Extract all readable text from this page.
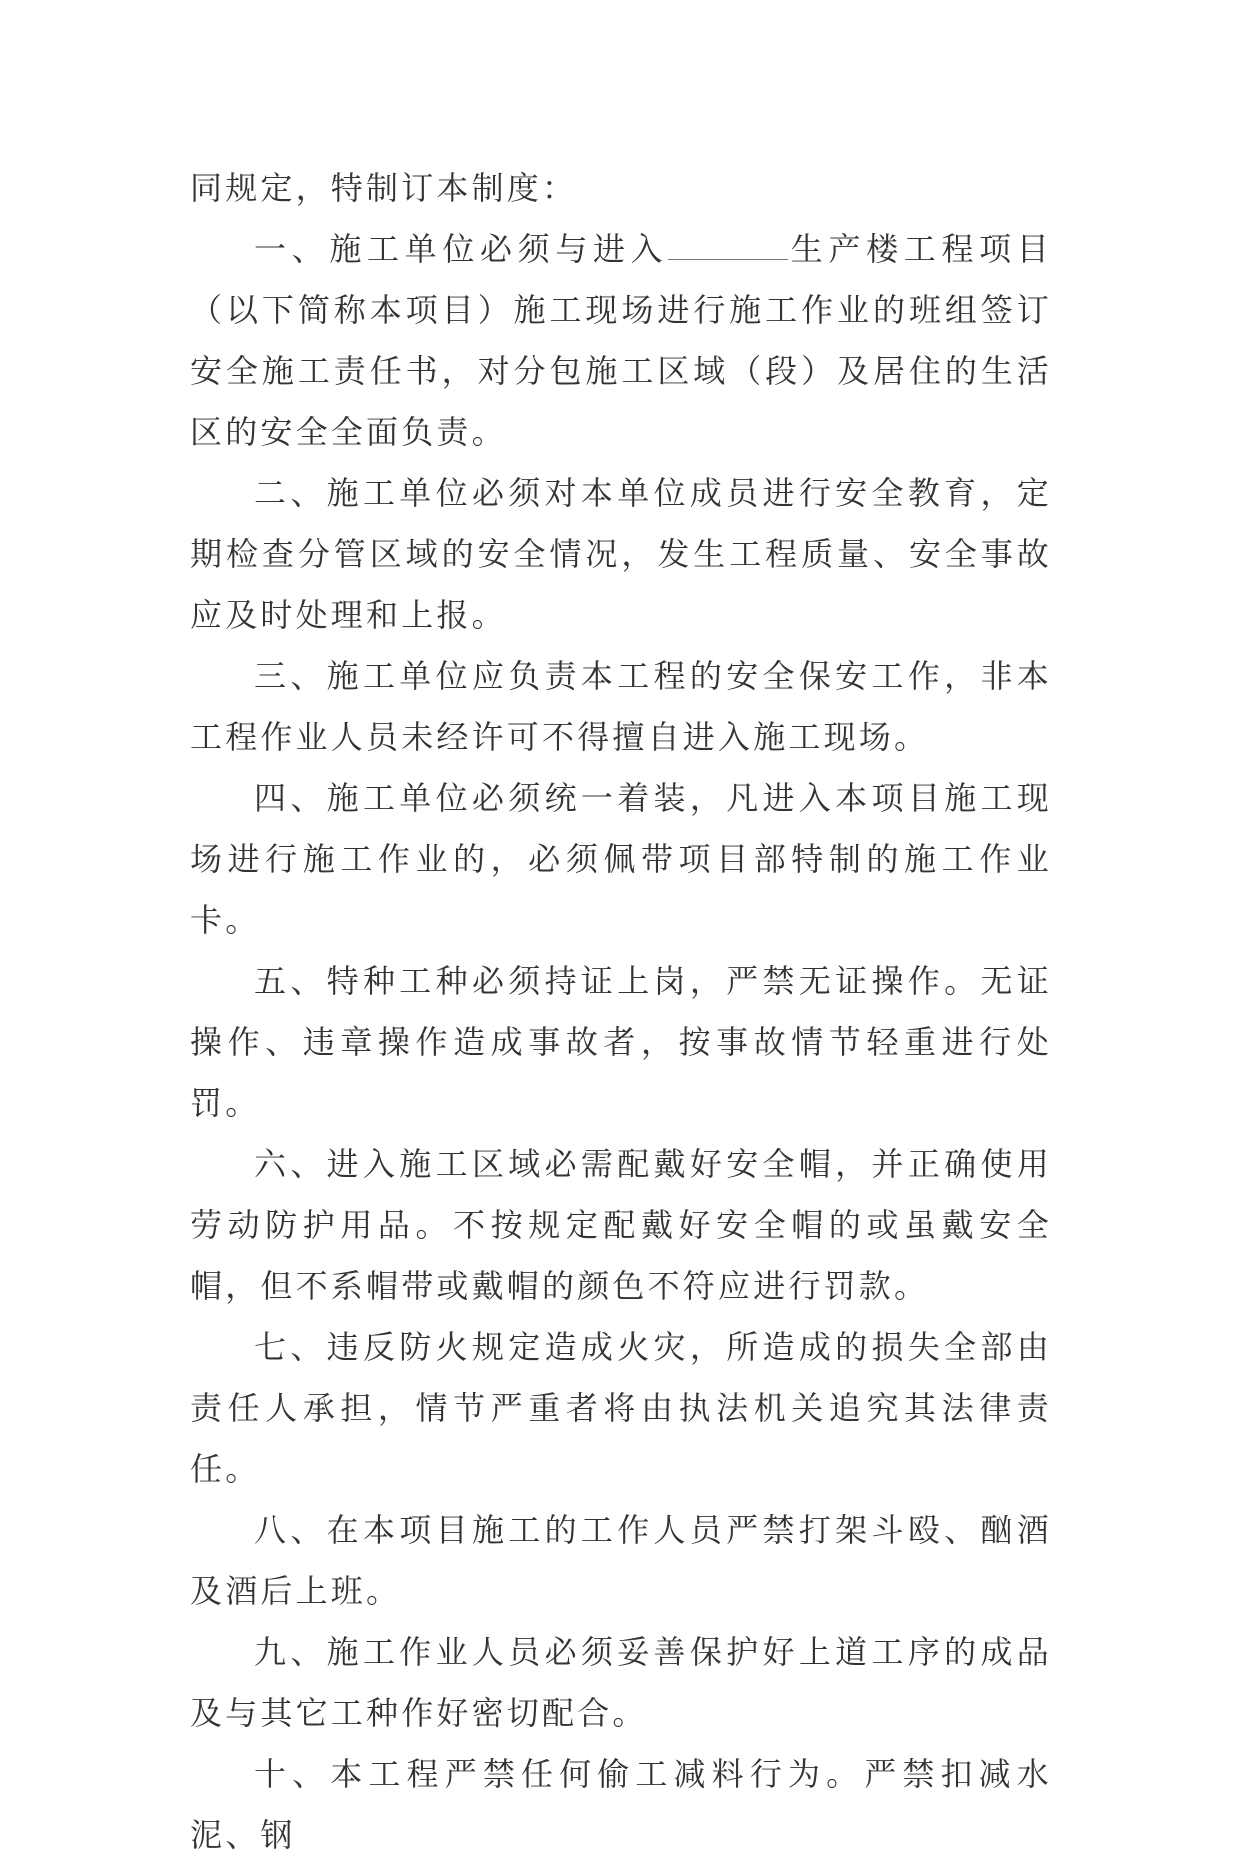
同规定，特制订本制度：

一、施工单位必须与进入	生产楼工程项目（以下简称本项目）施工现场进行施工作业的班组签订安全施工责任书，对分包施工区域（段）及居住的生活区的安全全面负责。

二、施工单位必须对本单位成员进行安全教育，定期检查分管区域的安全情况，发生工程质量、安全事故应及时处理和上报。

三、施工单位应负责本工程的安全保安工作，非本工程作业人员未经许可不得擅自进入施工现场。

四、施工单位必须统一着装，凡进入本项目施工现场进行施工作业的，必须佩带项目部特制的施工作业卡。

五、特种工种必须持证上岗，严禁无证操作。无证操作、违章操作造成事故者，按事故情节轻重进行处罚。

六、进入施工区域必需配戴好安全帽，并正确使用劳动防护用品。不按规定配戴好安全帽的或虽戴安全帽，但不系帽带或戴帽的颜色不符应进行罚款。

七、违反防火规定造成火灾，所造成的损失全部由责任人承担，情节严重者将由执法机关追究其法律责任。

八、在本项目施工的工作人员严禁打架斗殴、酗酒及酒后上班。

九、施工作业人员必须妥善保护好上道工序的成品及与其它工种作好密切配合。

十、本工程严禁任何偷工减料行为。严禁扣减水泥、钢
